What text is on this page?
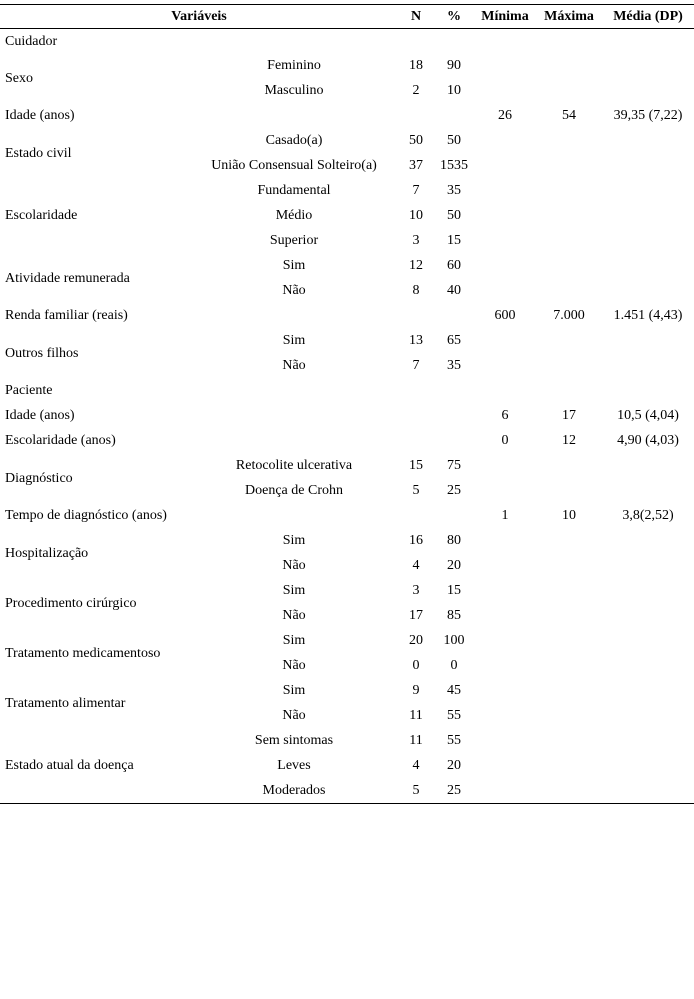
Variáveis		N	%	Mínima	Máxima	Média (DP)
Cuidador						
Sexo	Feminino	18	90			
	Masculino	2	10			
Idade (anos)				26	54	39,35 (7,22)
Estado civil	Casado(a)	50	50			
	União Consensual Solteiro(a)	37	1535			
Escolaridade	Fundamental	7	35			
	Médio	10	50			
	Superior	3	15			
Atividade remunerada	Sim	12	60			
	Não	8	40			
Renda familiar (reais)				600	7.000	1.451 (4,43)
Outros filhos	Sim	13	65			
	Não	7	35			
Paciente						
Idade (anos)				6	17	10,5 (4,04)
Escolaridade (anos)				0	12	4,90 (4,03)
Diagnóstico	Retocolite ulcerativa	15	75			
	Doença de Crohn	5	25			
Tempo de diagnóstico (anos)				1	10	3,8(2,52)
Hospitalização	Sim	16	80			
	Não	4	20			
Procedimento cirúrgico	Sim	3	15			
	Não	17	85			
Tratamento medicamentoso	Sim	20	100			
	Não	0	0			
Tratamento alimentar	Sim	9	45			
	Não	11	55			
Estado atual da doença	Sem sintomas	11	55			
	Leves	4	20			
	Moderados	5	25			
